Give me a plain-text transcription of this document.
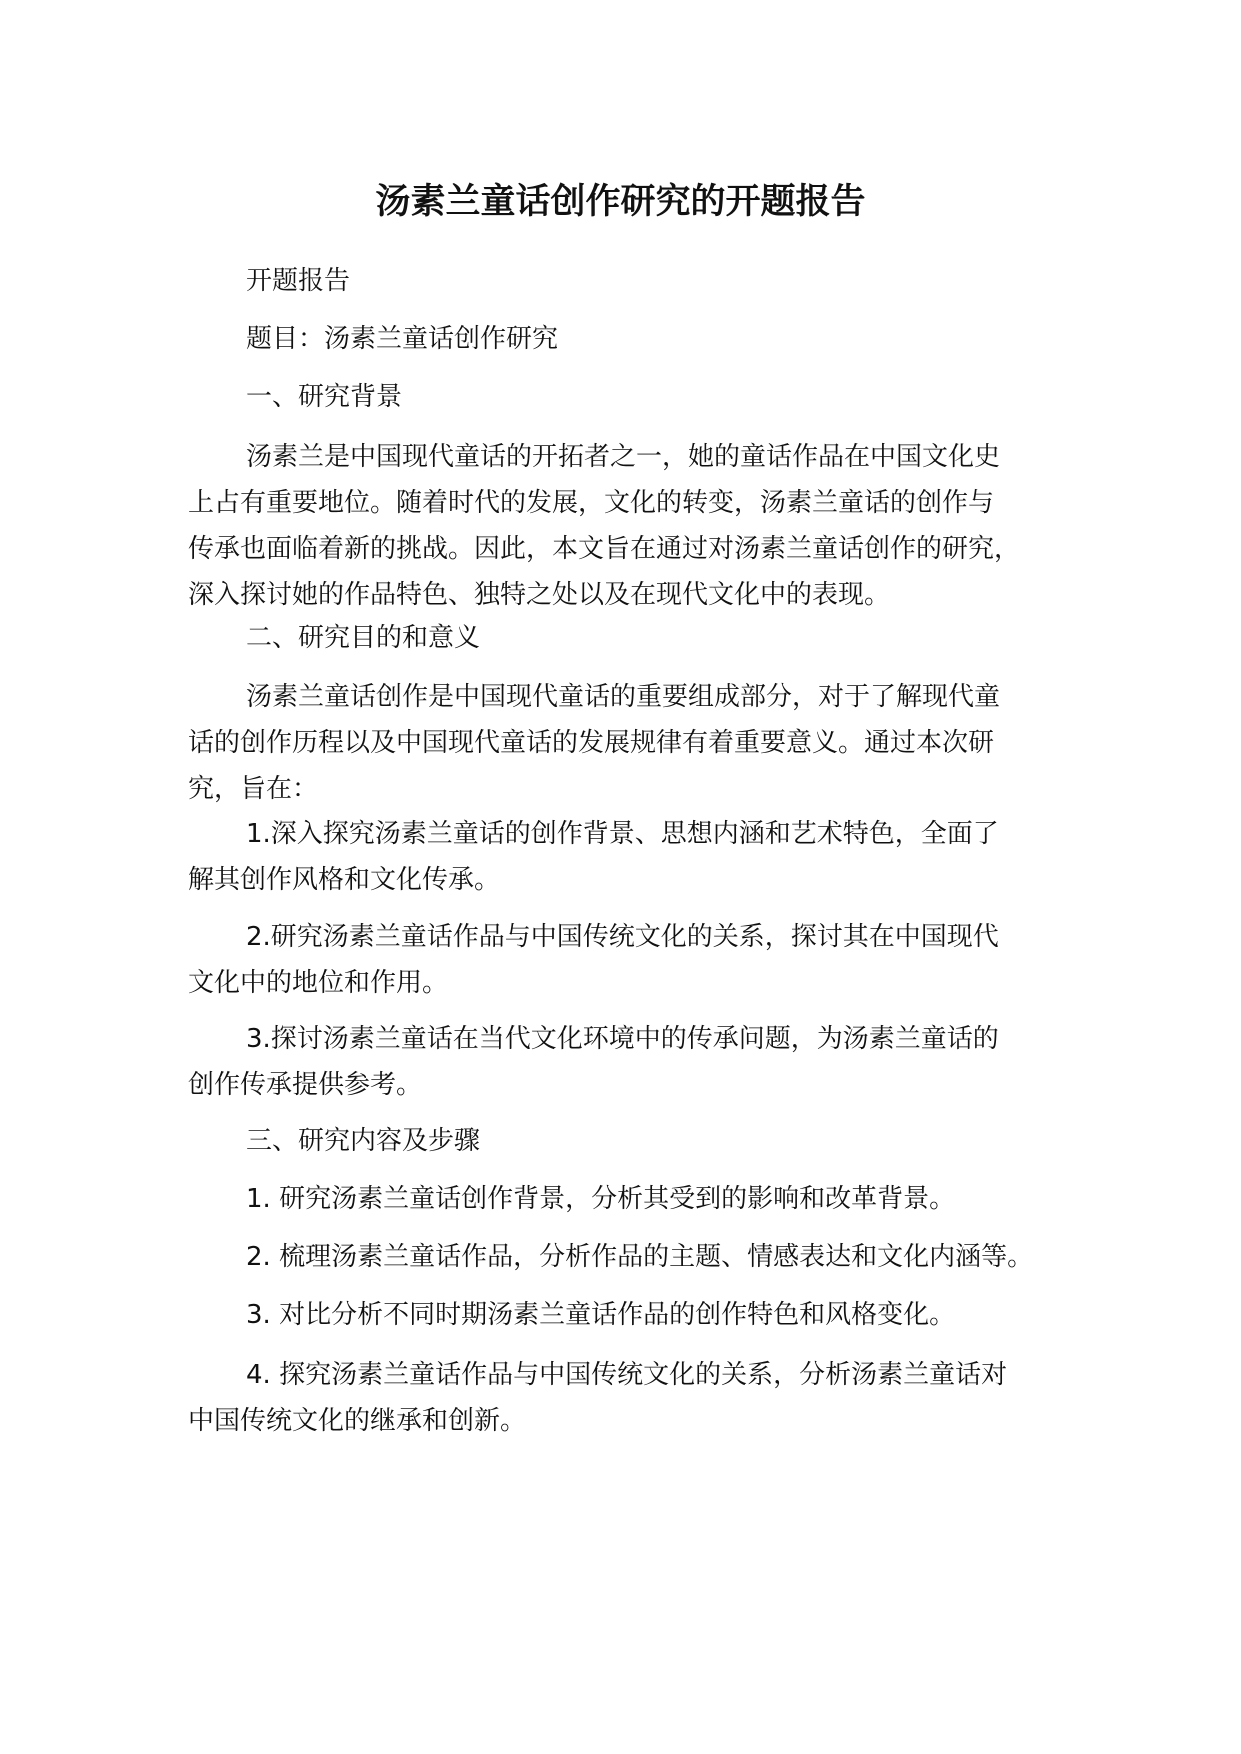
汤素兰童话创作研究的开题报告
开题报告
题目：汤素兰童话创作研究
一、研究背景
汤素兰是中国现代童话的开拓者之一，她的童话作品在中国文化史
上占有重要地位。随着时代的发展，文化的转变，汤素兰童话的创作与
传承也面临着新的挑战。因此，本文旨在通过对汤素兰童话创作的研究，
深入探讨她的作品特色、独特之处以及在现代文化中的表现。
二、研究目的和意义
汤素兰童话创作是中国现代童话的重要组成部分，对于了解现代童
话的创作历程以及中国现代童话的发展规律有着重要意义。通过本次研
究，旨在：
1.深入探究汤素兰童话的创作背景、思想内涵和艺术特色，全面了
解其创作风格和文化传承。
2.研究汤素兰童话作品与中国传统文化的关系，探讨其在中国现代
文化中的地位和作用。
3.探讨汤素兰童话在当代文化环境中的传承问题，为汤素兰童话的
创作传承提供参考。
三、研究内容及步骤
1. 研究汤素兰童话创作背景，分析其受到的影响和改革背景。
2. 梳理汤素兰童话作品，分析作品的主题、情感表达和文化内涵等。
3. 对比分析不同时期汤素兰童话作品的创作特色和风格变化。
4. 探究汤素兰童话作品与中国传统文化的关系，分析汤素兰童话对
中国传统文化的继承和创新。
